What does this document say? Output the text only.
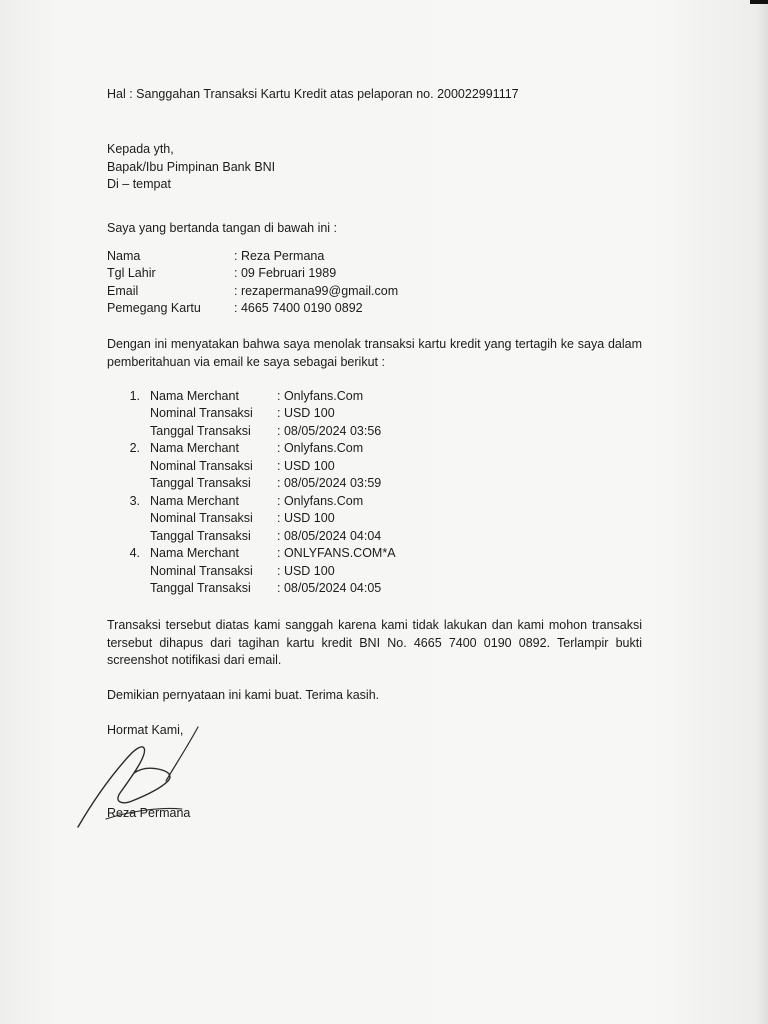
Hal : Sanggahan Transaksi Kartu Kredit atas pelaporan no. 200022991117
Kepada yth,
Bapak/Ibu Pimpinan Bank BNI
Di – tempat
Saya yang bertanda tangan di bawah ini :
Nama	: Reza Permana
Tgl Lahir	: 09 Februari 1989
Email	: rezapermana99@gmail.com
Pemegang Kartu	: 4665 7400 0190 0892
Dengan ini menyatakan bahwa saya menolak transaksi kartu kredit yang tertagih ke saya dalam pemberitahuan via email ke saya sebagai berikut :
1. Nama Merchant	: Onlyfans.Com
Nominal Transaksi : USD 100
Tanggal Transaksi : 08/05/2024 03:56
2. Nama Merchant	: Onlyfans.Com
Nominal Transaksi : USD 100
Tanggal Transaksi : 08/05/2024 03:59
3. Nama Merchant	: Onlyfans.Com
Nominal Transaksi : USD 100
Tanggal Transaksi : 08/05/2024 04:04
4. Nama Merchant	: ONLYFANS.COM*A
Nominal Transaksi : USD 100
Tanggal Transaksi : 08/05/2024 04:05
Transaksi tersebut diatas kami sanggah karena kami tidak lakukan dan kami mohon transaksi tersebut dihapus dari tagihan kartu kredit BNI No. 4665 7400 0190 0892. Terlampir bukti screenshot notifikasi dari email.
Demikian pernyataan ini kami buat. Terima kasih.
Hormat Kami,
Reza Permana
